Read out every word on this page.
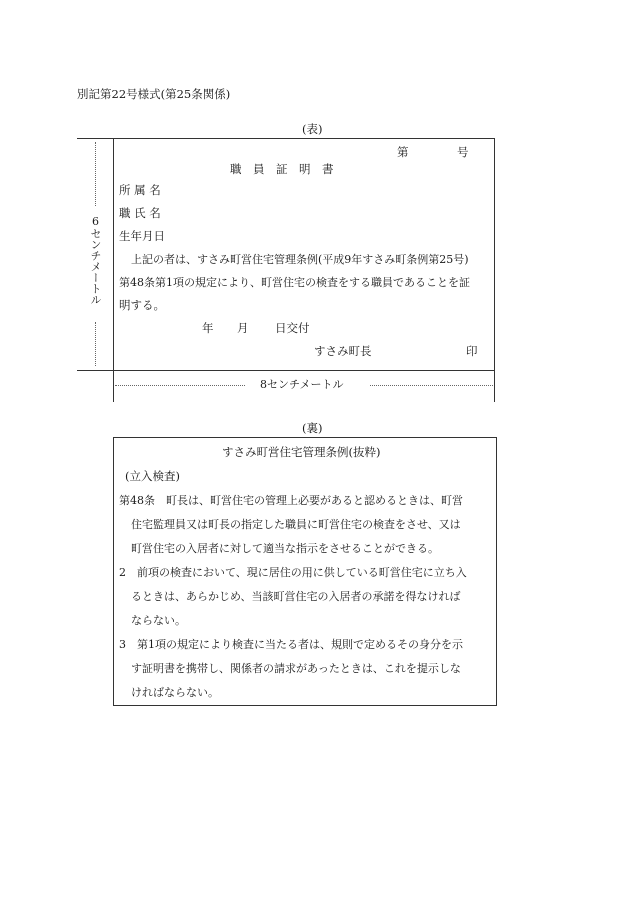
別記第22号様式(第25条関係)
(表)
6センチメートル
第	号
職　員　証　明　書
所 属 名
職 氏 名
生年月日
上記の者は、すさみ町営住宅管理条例(平成9年すさみ町条例第25号)
第48条第1項の規定により、町営住宅の検査をする職員であることを証
明する。
年 月 日交付
すさみ町長	印
8センチメートル
(裏)
すさみ町営住宅管理条例(抜粋)
(立入検査)
第48条　町長は、町営住宅の管理上必要があると認めるときは、町営
住宅監理員又は町長の指定した職員に町営住宅の検査をさせ、又は
町営住宅の入居者に対して適当な指示をさせることができる。
2　前項の検査において、現に居住の用に供している町営住宅に立ち入
るときは、あらかじめ、当該町営住宅の入居者の承諾を得なければ
ならない。
3　第1項の規定により検査に当たる者は、規則で定めるその身分を示
す証明書を携帯し、関係者の請求があったときは、これを提示しな
ければならない。
